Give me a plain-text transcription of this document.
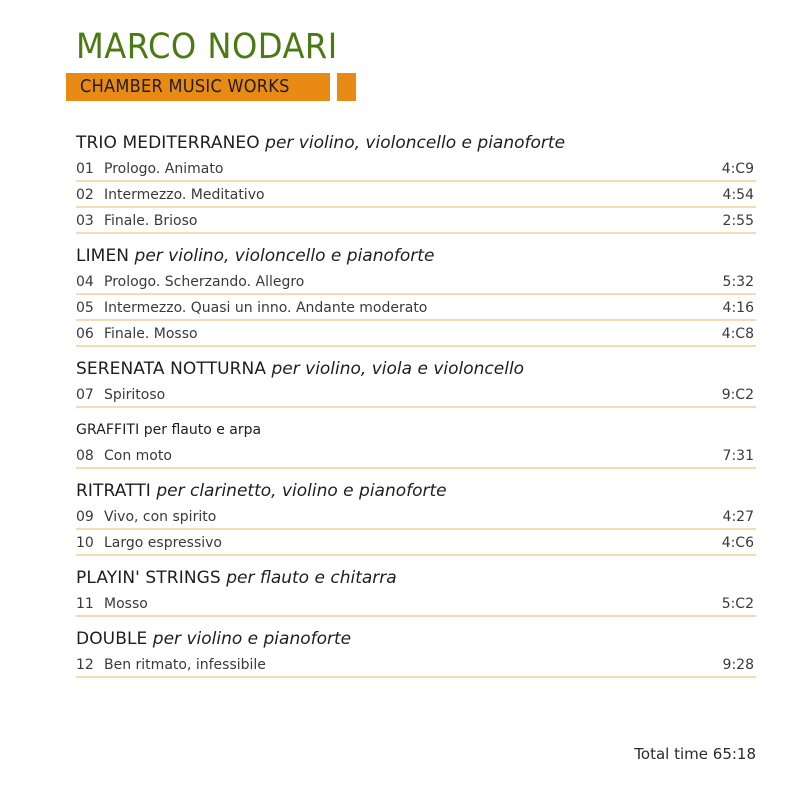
MARCO NODARI
CHAMBER MUSIC WORKS
TRIO MEDITERRANEO per violino, violoncello e pianoforte
01 Prologo. Animato	4:C9
02 Intermezzo. Meditativo	4:54
03 Finale. Brioso	2:55
LIMEN per violino, violoncello e pianoforte
04 Prologo. Scherzando. Allegro	5:32
05 Intermezzo. Quasi un inno. Andante moderato	4:16
06 Finale. Mosso	4:C8
SERENATA NOTTURNA per violino, viola e violoncello
07 Spiritoso	9:C2
GRAFFITI per flauto e arpa
08 Con moto	7:31
RITRATTI per clarinetto, violino e pianoforte
09 Vivo, con spirito	4:27
10 Largo espressivo	4:C6
PLAYIN' STRINGS per flauto e chitarra
11 Mosso	5:C2
DOUBLE per violino e pianoforte
12 Ben ritmato, infessibile	9:28
Total time 65:18
